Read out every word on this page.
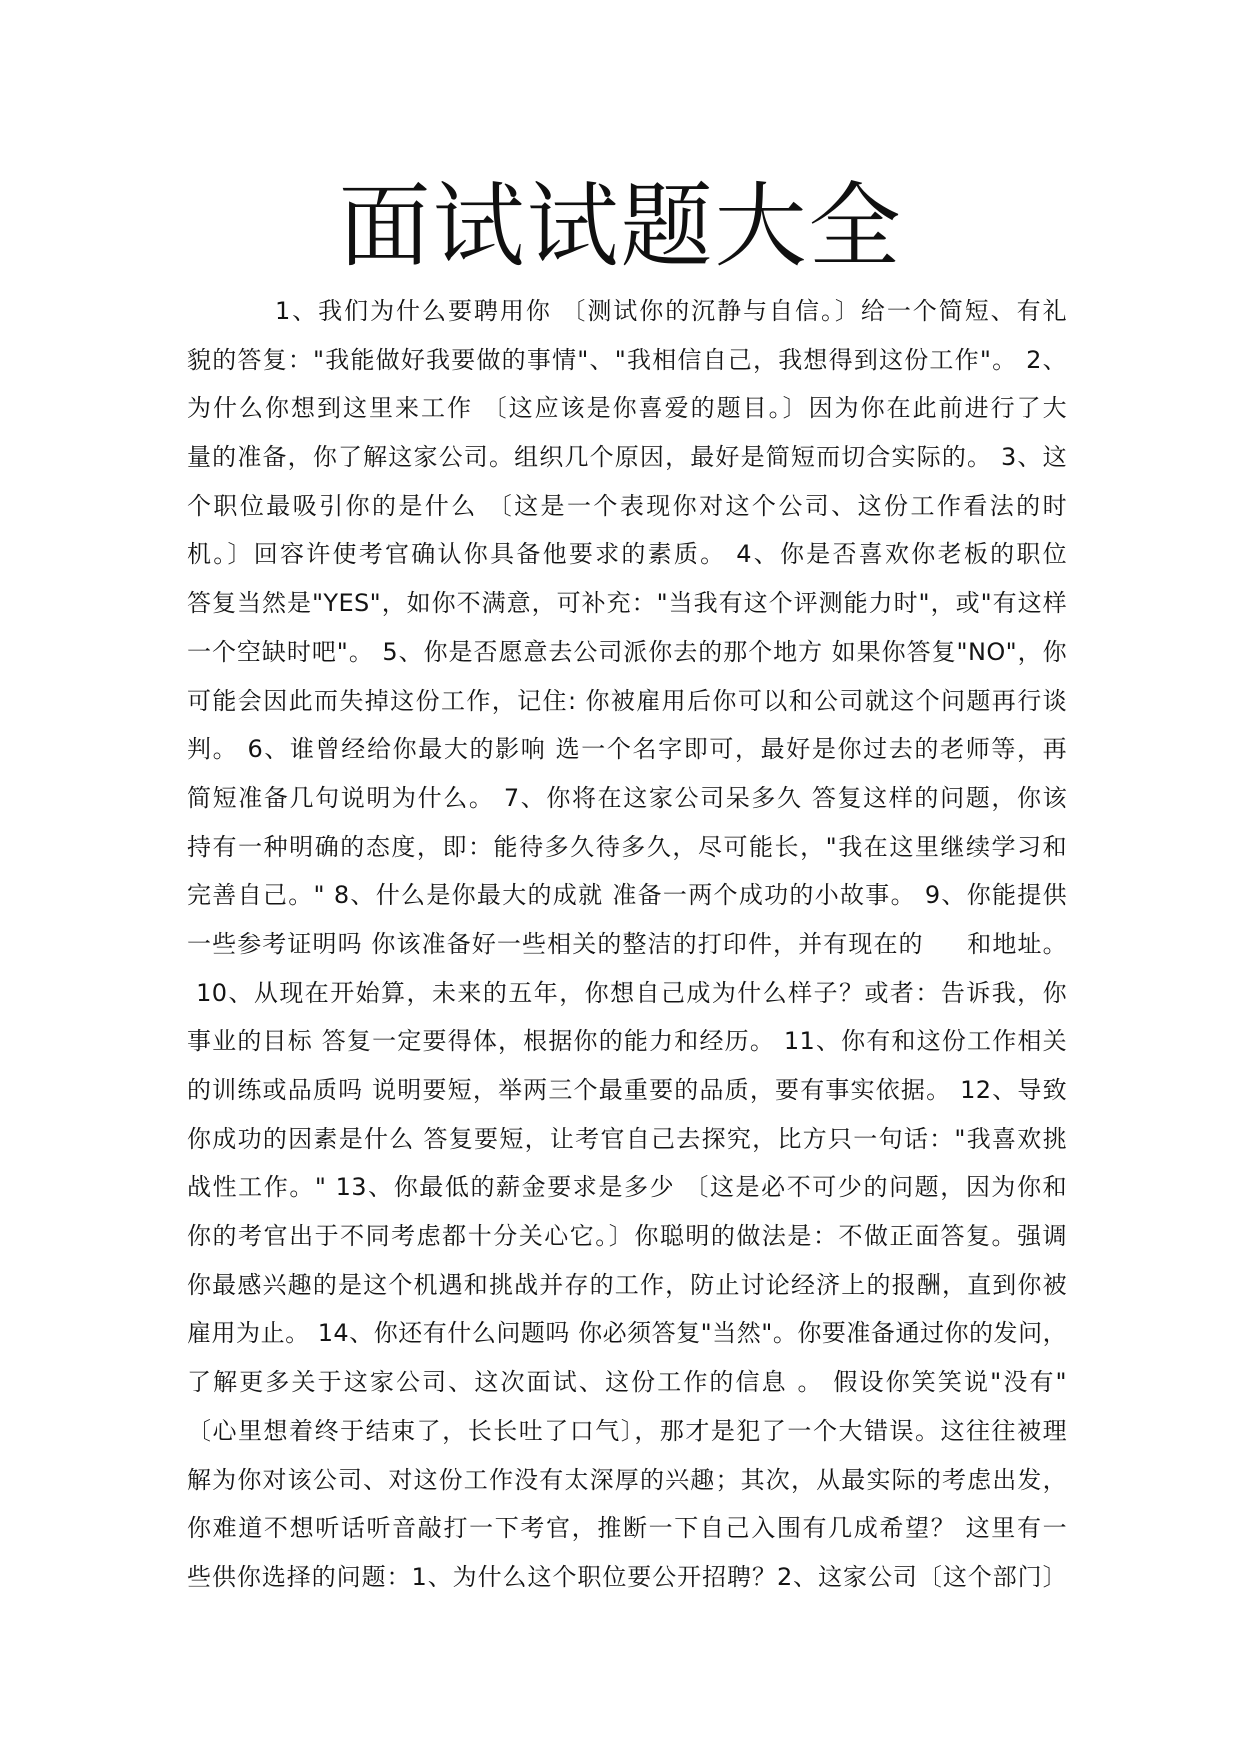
面试试题大全
1、我们为什么要聘用你 〔测试你的沉静与自信。〕给一个简短、有礼
貌的答复："我能做好我要做的事情"、"我相信自己，我想得到这份工作"。 2、
为什么你想到这里来工作 〔这应该是你喜爱的题目。〕因为你在此前进行了大
量的准备，你了解这家公司。组织几个原因，最好是简短而切合实际的。 3、这
个职位最吸引你的是什么 〔这是一个表现你对这个公司、这份工作看法的时
机。〕回容许使考官确认你具备他要求的素质。 4、你是否喜欢你老板的职位
答复当然是"YES"，如你不满意，可补充："当我有这个评测能力时"，或"有这样
一个空缺时吧"。 5、你是否愿意去公司派你去的那个地方 如果你答复"NO"，你
可能会因此而失掉这份工作，记住: 你被雇用后你可以和公司就这个问题再行谈
判。 6、谁曾经给你最大的影响 选一个名字即可，最好是你过去的老师等，再
简短准备几句说明为什么。 7、你将在这家公司呆多久 答复这样的问题，你该
持有一种明确的态度，即：能待多久待多久，尽可能长，"我在这里继续学习和
完善自己。" 8、什么是你最大的成就 准备一两个成功的小故事。 9、你能提供
一些参考证明吗 你该准备好一些相关的整洁的打印件，并有现在的     和地址。
10、从现在开始算，未来的五年，你想自己成为什么样子？或者：告诉我，你
事业的目标 答复一定要得体，根据你的能力和经历。 11、你有和这份工作相关
的训练或品质吗 说明要短，举两三个最重要的品质，要有事实依据。 12、导致
你成功的因素是什么 答复要短，让考官自己去探究，比方只一句话："我喜欢挑
战性工作。" 13、你最低的薪金要求是多少 〔这是必不可少的问题，因为你和
你的考官出于不同考虑都十分关心它。〕你聪明的做法是：不做正面答复。强调
你最感兴趣的是这个机遇和挑战并存的工作，防止讨论经济上的报酬，直到你被
雇用为止。 14、你还有什么问题吗 你必须答复"当然"。你要准备通过你的发问，
了解更多关于这家公司、这次面试、这份工作的信息 。 假设你笑笑说"没有"
〔心里想着终于结束了，长长吐了口气〕，那才是犯了一个大错误。这往往被理
解为你对该公司、对这份工作没有太深厚的兴趣；其次，从最实际的考虑出发，
你难道不想听话听音敲打一下考官，推断一下自己入围有几成希望？ 这里有一
些供你选择的问题：1、为什么这个职位要公开招聘？2、这家公司〔这个部门〕
